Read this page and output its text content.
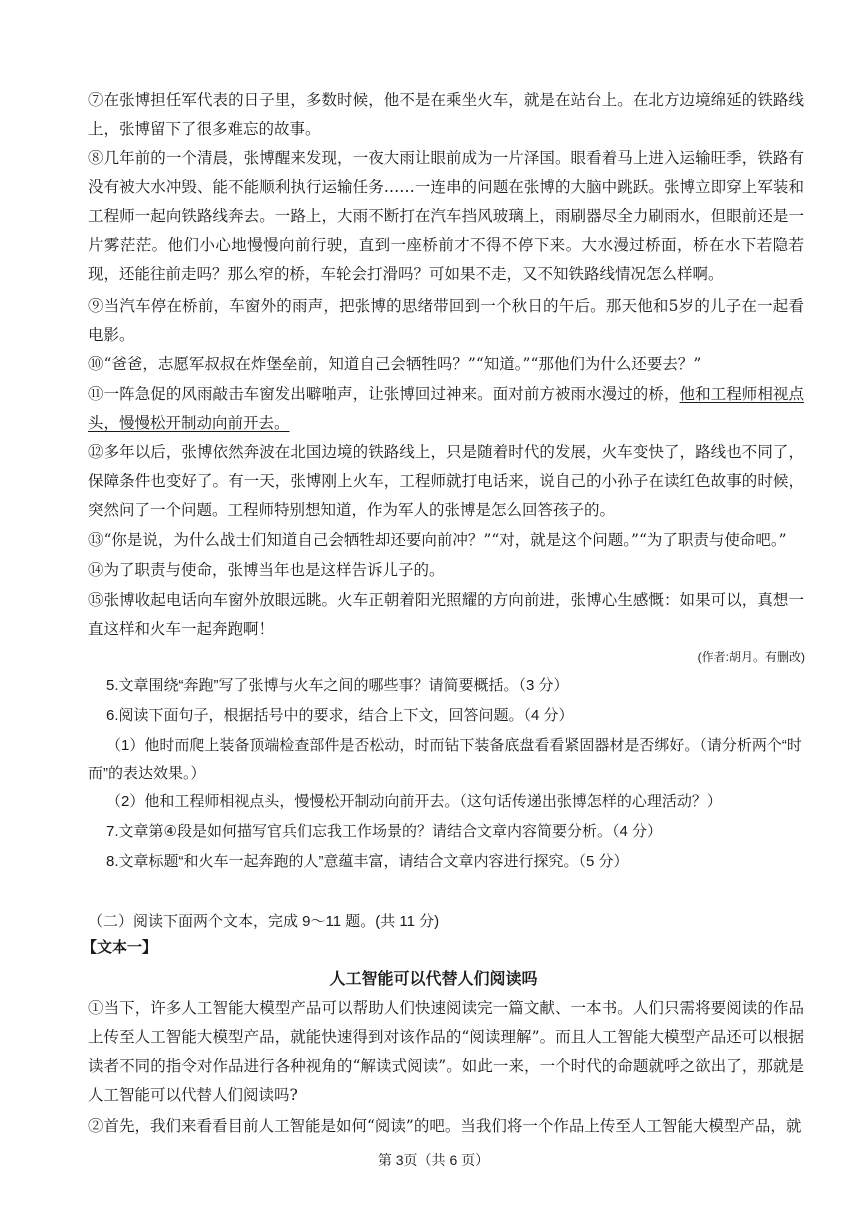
⑦在张博担任军代表的日子里，多数时候，他不是在乘坐火车，就是在站台上。在北方边境绵延的铁路线上，张博留下了很多难忘的故事。

⑧几年前的一个清晨，张博醒来发现，一夜大雨让眼前成为一片泽国。眼看着马上进入运输旺季，铁路有没有被大水冲毁、能不能顺利执行运输任务……一连串的问题在张博的大脑中跳跃。张博立即穿上军装和工程师一起向铁路线奔去。一路上，大雨不断打在汽车挡风玻璃上，雨刷器尽全力刷雨水，但眼前还是一片雾茫茫。他们小心地慢慢向前行驶，直到一座桥前才不得不停下来。大水漫过桥面，桥在水下若隐若现，还能往前走吗？那么窄的桥，车轮会打滑吗？可如果不走，又不知铁路线情况怎么样啊。

⑨当汽车停在桥前，车窗外的雨声，把张博的思绪带回到一个秋日的午后。那天他和5岁的儿子在一起看电影。

⑩“爸爸，志愿军叔叔在炸堡垒前，知道自己会牺牲吗？”“知道。”“那他们为什么还要去？”

⑪一阵急促的风雨敲击车窗发出噼啪声，让张博回过神来。面对前方被雨水漫过的桥，他和工程师相视点头，慢慢松开制动向前开去。

⑫多年以后，张博依然奔波在北国边境的铁路线上，只是随着时代的发展，火车变快了，路线也不同了，保障条件也变好了。有一天，张博刚上火车，工程师就打电话来，说自己的小孙子在读红色故事的时候，突然问了一个问题。工程师特别想知道，作为军人的张博是怎么回答孩子的。

⑬“你是说，为什么战士们知道自己会牺牲却还要向前冲？”“对，就是这个问题。”“为了职责与使命吧。”

⑭为了职责与使命，张博当年也是这样告诉儿子的。

⑮张博收起电话向车窗外放眼远眺。火车正朝着阳光照耀的方向前进，张博心生感慨：如果可以，真想一直这样和火车一起奔跑啊！

(作者:胡月。有删改)

5.文章围绕“奔跑”写了张博与火车之间的哪些事？请简要概括。（3 分）

6.阅读下面句子，根据括号中的要求，结合上下文，回答问题。（4 分）

（1）他时而爬上装备顶端检查部件是否松动，时而钻下装备底盘看看紧固器材是否绑好。（请分析两个“时而”的表达效果。）

（2）他和工程师相视点头，慢慢松开制动向前开去。（这句话传递出张博怎样的心理活动？）

7.文章第④段是如何描写官兵们忘我工作场景的？请结合文章内容简要分析。（4 分）

8.文章标题“和火车一起奔跑的人”意蕴丰富，请结合文章内容进行探究。（5 分）

（二）阅读下面两个文本，完成 9～11 题。(共 11 分)
【文本一】
人工智能可以代替人们阅读吗

①当下，许多人工智能大模型产品可以帮助人们快速阅读完一篇文献、一本书。人们只需将要阅读的作品上传至人工智能大模型产品，就能快速得到对该作品的“阅读理解”。而且人工智能大模型产品还可以根据读者不同的指令对作品进行各种视角的“解读式阅读”。如此一来，一个时代的命题就呼之欲出了，那就是人工智能可以代替人们阅读吗?

②首先，我们来看看目前人工智能是如何“阅读”的吧。当我们将一个作品上传至人工智能大模型产品，就

第 3页（共 6 页）
